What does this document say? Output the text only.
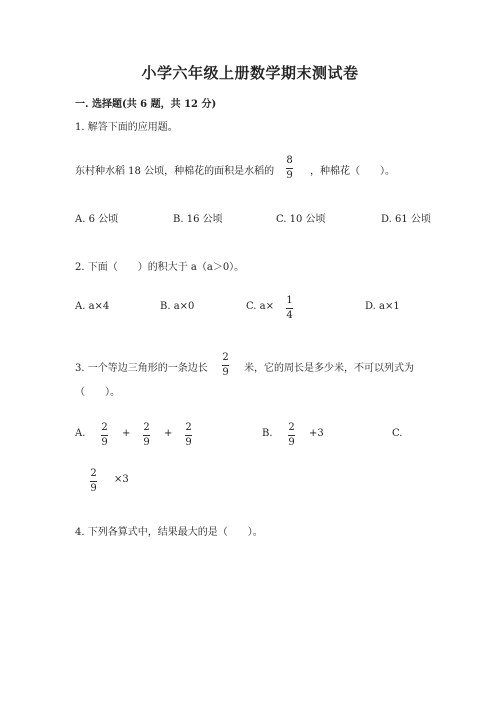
小学六年级上册数学期末测试卷
一. 选择题(共 6 题，共 12 分)
1. 解答下面的应用题。
东村种水稻 18 公顷，种棉花的面积是水稻的
8
9 ，种棉花（　　）。
A. 6 公顷	B. 16 公顷	C. 10 公顷	D. 61 公顷
2. 下面（　　）的积大于 a（a＞0）。
A. a×4	B. a×0	C. a×
1
4
D. a×1
3. 一个等边三角形的一条边长
2
9 米，它的周长是多少米，不可以列式为
（　　）。
A.
2
9
+
2
9
+
2
9
B.
2
9
+3	C.
2
9
×3
4. 下列各算式中，结果最大的是（　　）。
